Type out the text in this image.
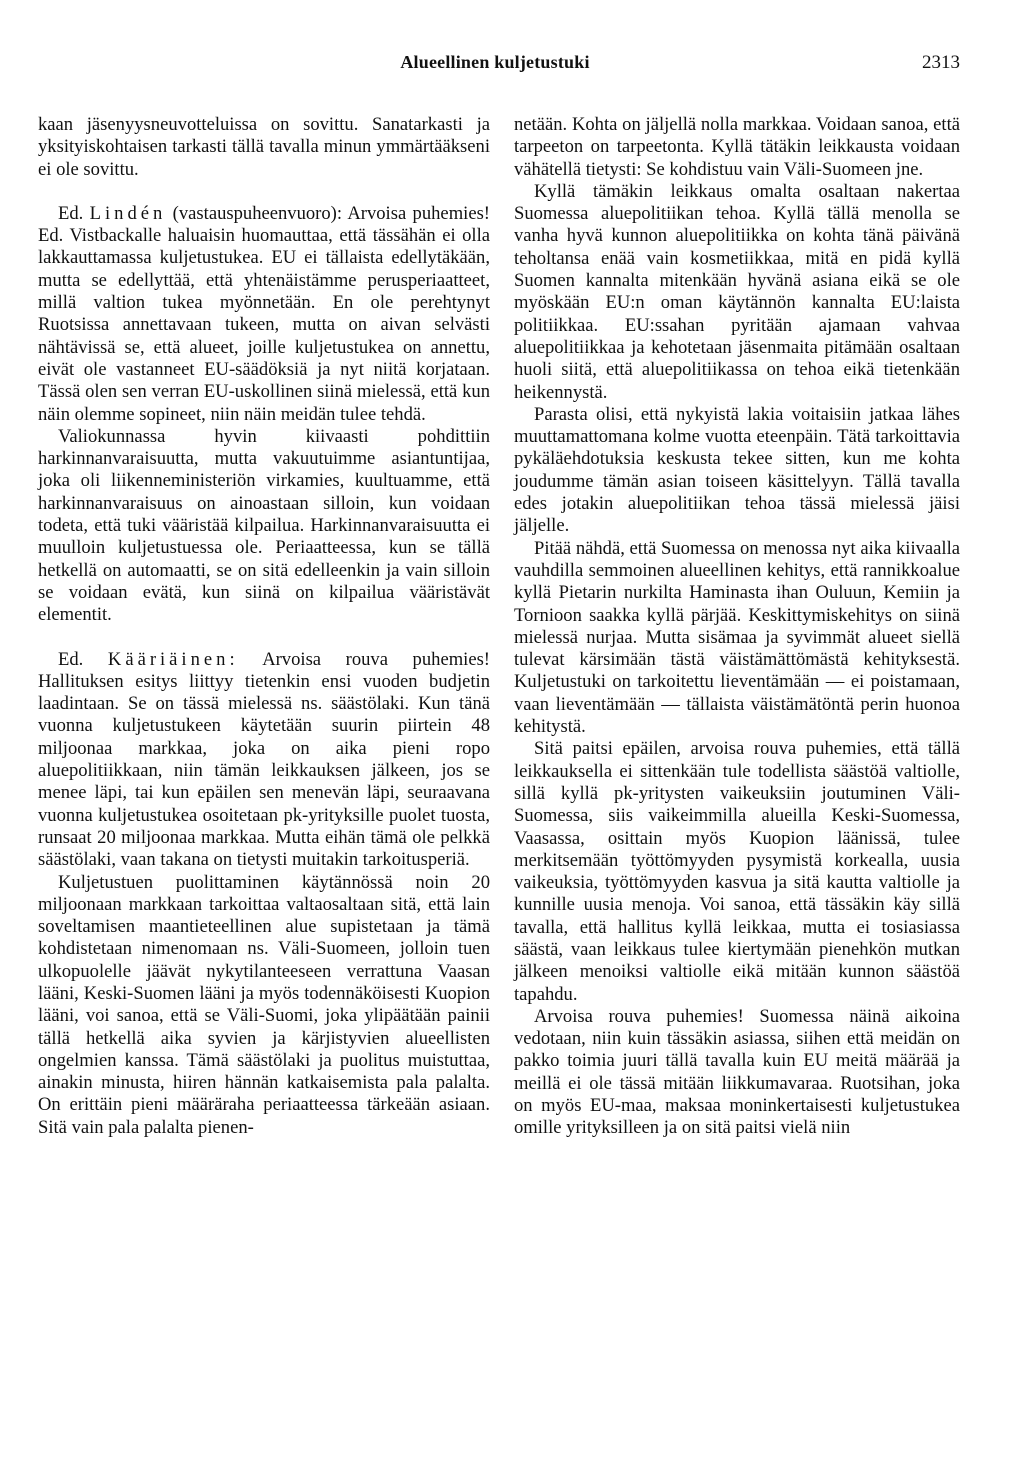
Alueellinen kuljetustuki	2313

kaan jäsenyysneuvotteluissa on sovittu. Sanatarkasti ja yksityiskohtaisen tarkasti tällä tavalla minun ymmärtääkseni ei ole sovittu.

Ed. Lindén (vastauspuheenvuoro): Arvoisa puhemies! Ed. Vistbackalle haluaisin huomauttaa, että tässähän ei olla lakkauttamassa kuljetustukea. EU ei tällaista edellytäkään, mutta se edellyttää, että yhtenäistämme perusperiaatteet, millä valtion tukea myönnetään. En ole perehtynyt Ruotsissa annettavaan tukeen, mutta on aivan selvästi nähtävissä se, että alueet, joille kuljetustukea on annettu, eivät ole vastanneet EU-säädöksiä ja nyt niitä korjataan. Tässä olen sen verran EU-uskollinen siinä mielessä, että kun näin olemme sopineet, niin näin meidän tulee tehdä.

Valiokunnassa hyvin kiivaasti pohdittiin harkinnanvaraisuutta, mutta vakuutuimme asiantuntijaa, joka oli liikenneministeriön virkamies, kuultuamme, että harkinnanvaraisuus on ainoastaan silloin, kun voidaan todeta, että tuki vääristää kilpailua. Harkinnanvaraisuutta ei muulloin kuljetustuessa ole. Periaatteessa, kun se tällä hetkellä on automaatti, se on sitä edelleenkin ja vain silloin se voidaan evätä, kun siinä on kilpailua vääristävät elementit.

Ed. Kääriäinen: Arvoisa rouva puhemies! Hallituksen esitys liittyy tietenkin ensi vuoden budjetin laadintaan. Se on tässä mielessä ns. säästölaki. Kun tänä vuonna kuljetustukeen käytetään suurin piirtein 48 miljoonaa markkaa, joka on aika pieni ropo aluepolitiikkaan, niin tämän leikkauksen jälkeen, jos se menee läpi, tai kun epäilen sen menevän läpi, seuraavana vuonna kuljetustukea osoitetaan pk-yrityksille puolet tuosta, runsaat 20 miljoonaa markkaa. Mutta eihän tämä ole pelkkä säästölaki, vaan takana on tietysti muitakin tarkoitusperiä.

Kuljetustuen puolittaminen käytännössä noin 20 miljoonaan markkaan tarkoittaa valtaosaltaan sitä, että lain soveltamisen maantieteellinen alue supistetaan ja tämä kohdistetaan nimenomaan ns. Väli-Suomeen, jolloin tuen ulkopuolelle jäävät nykytilanteeseen verrattuna Vaasan lääni, Keski-Suomen lääni ja myös todennäköisesti Kuopion lääni, voi sanoa, että se Väli-Suomi, joka ylipäätään painii tällä hetkellä aika syvien ja kärjistyvien alueellisten ongelmien kanssa. Tämä säästölaki ja puolitus muistuttaa, ainakin minusta, hiiren hännän katkaisemista pala palalta. On erittäin pieni määräraha periaatteessa tärkeään asiaan. Sitä vain pala palalta pienen-

netään. Kohta on jäljellä nolla markkaa. Voidaan sanoa, että tarpeeton on tarpeetonta. Kyllä tätäkin leikkausta voidaan vähätellä tietysti: Se kohdistuu vain Väli-Suomeen jne.

Kyllä tämäkin leikkaus omalta osaltaan nakertaa Suomessa aluepolitiikan tehoa. Kyllä tällä menolla se vanha hyvä kunnon aluepolitiikka on kohta tänä päivänä teholtansa enää vain kosmetiikkaa, mitä en pidä kyllä Suomen kannalta mitenkään hyvänä asiana eikä se ole myöskään EU:n oman käytännön kannalta EU:laista politiikkaa. EU:ssahan pyritään ajamaan vahvaa aluepolitiikkaa ja kehotetaan jäsenmaita pitämään osaltaan huoli siitä, että aluepolitiikassa on tehoa eikä tietenkään heikennystä.

Parasta olisi, että nykyistä lakia voitaisiin jatkaa lähes muuttamattomana kolme vuotta eteenpäin. Tätä tarkoittavia pykäläehdotuksia keskusta tekee sitten, kun me kohta joudumme tämän asian toiseen käsittelyyn. Tällä tavalla edes jotakin aluepolitiikan tehoa tässä mielessä jäisi jäljelle.

Pitää nähdä, että Suomessa on menossa nyt aika kiivaalla vauhdilla semmoinen alueellinen kehitys, että rannikkoalue kyllä Pietarin nurkilta Haminasta ihan Ouluun, Kemiin ja Tornioon saakka kyllä pärjää. Keskittymiskehitys on siinä mielessä nurjaa. Mutta sisämaa ja syvimmät alueet siellä tulevat kärsimään tästä väistämättömästä kehityksestä. Kuljetustuki on tarkoitettu lieventämään — ei poistamaan, vaan lieventämään — tällaista väistämätöntä perin huonoa kehitystä.

Sitä paitsi epäilen, arvoisa rouva puhemies, että tällä leikkauksella ei sittenkään tule todellista säästöä valtiolle, sillä kyllä pk-yritysten vaikeuksiin joutuminen Väli-Suomessa, siis vaikeimmilla alueilla Keski-Suomessa, Vaasassa, osittain myös Kuopion läänissä, tulee merkitsemään työttömyyden pysymistä korkealla, uusia vaikeuksia, työttömyyden kasvua ja sitä kautta valtiolle ja kunnille uusia menoja. Voi sanoa, että tässäkin käy sillä tavalla, että hallitus kyllä leikkaa, mutta ei tosiasiassa säästä, vaan leikkaus tulee kiertymään pienehkön mutkan jälkeen menoiksi valtiolle eikä mitään kunnon säästöä tapahdu.

Arvoisa rouva puhemies! Suomessa näinä aikoina vedotaan, niin kuin tässäkin asiassa, siihen että meidän on pakko toimia juuri tällä tavalla kuin EU meitä määrää ja meillä ei ole tässä mitään liikkumavaraa. Ruotsihan, joka on myös EU-maa, maksaa moninkertaisesti kuljetustukea omille yrityksilleen ja on sitä paitsi vielä niin
